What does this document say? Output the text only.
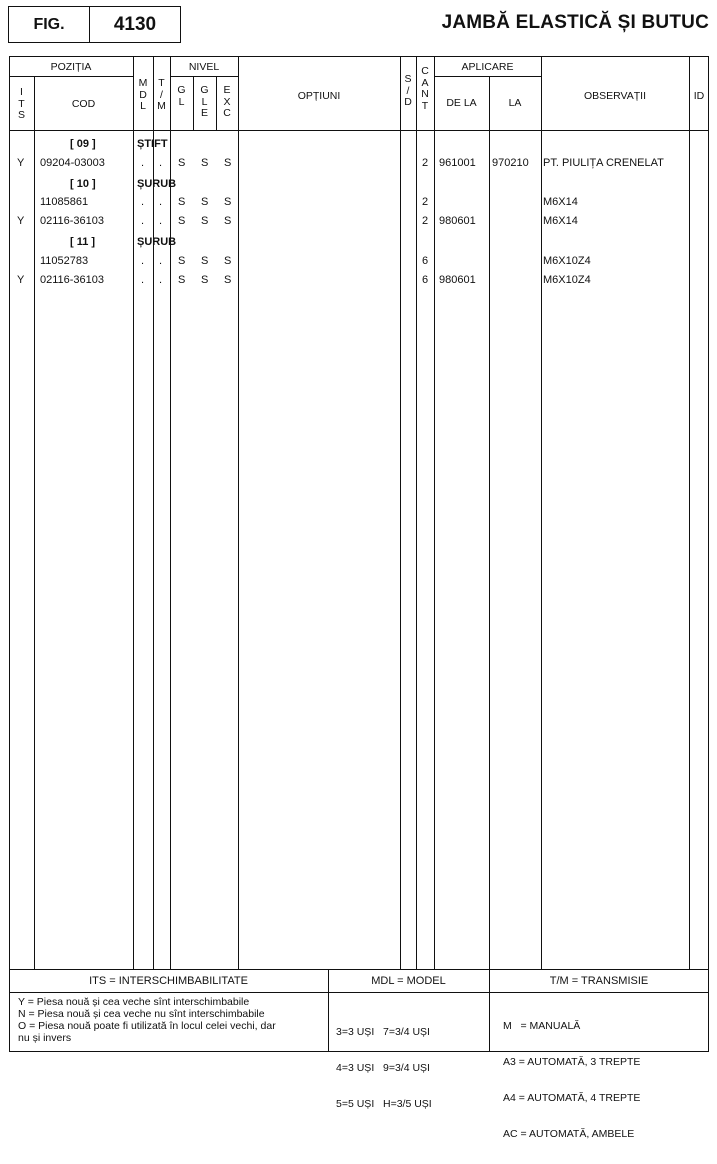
FIG.	4130	JAMBĂ ELASTICĂ ȘI BUTUC
POZIȚIA
I
T
S
COD
M
D
L
T
/
M
NIVEL
G
L
G
L
E
E
X
C
OPȚIUNI
S
/
D
C
A
N
T
APLICARE
DE LA	LA
OBSERVAȚII	ID
[ 09 ]	ȘTIFT
Y 09204-03003	. . S S S	2 961001 970210 PT. PIULIȚA CRENELAT
[ 10 ]	ȘURUB
11085861	. . S S S	2	M6X14
Y 02116-36103	. . S S S	2 980601	M6X14
[ 11 ]	ȘURUB
11052783	. . S S S	6	M6X10Z4
Y 02116-36103	. . S S S	6 980601	M6X10Z4
ITS = INTERSCHIMBABILITATE
Y = Piesa nouă și cea veche sînt interschimbabile
N = Piesa nouă și cea veche nu sînt interschimbabile
O = Piesa nouă poate fi utilizată în locul celei vechi, dar
nu și invers
MDL = MODEL

3=3 UȘI   7=3/4 UȘI

4=3 UȘI   9=3/4 UȘI

5=5 UȘI   H=3/5 UȘI

T/M = TRANSMISIE

M   = MANUALĂ

A3 = AUTOMATĂ, 3 TREPTE

A4 = AUTOMATĂ, 4 TREPTE

AC = AUTOMATĂ, AMBELE
